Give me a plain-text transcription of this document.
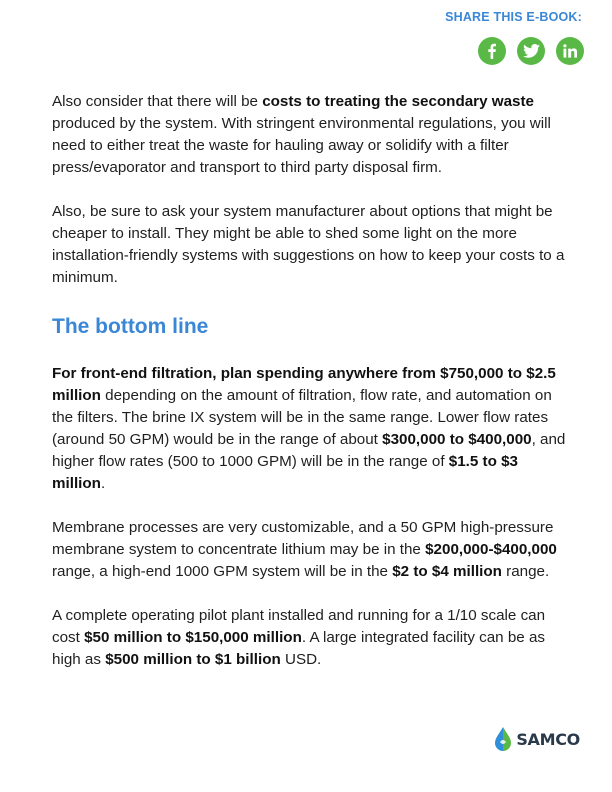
SHARE THIS E-BOOK:

Also consider that there will be costs to treating the secondary waste produced by the system. With stringent environmental regulations, you will need to either treat the waste for hauling away or solidify with a filter press/evaporator and transport to third party disposal firm.

Also, be sure to ask your system manufacturer about options that might be cheaper to install. They might be able to shed some light on the more installation-friendly systems with suggestions on how to keep your costs to a minimum.

The bottom line

For front-end filtration, plan spending anywhere from $750,000 to $2.5 million depending on the amount of filtration, flow rate, and automation on the filters. The brine IX system will be in the same range. Lower flow rates (around 50 GPM) would be in the range of about $300,000 to $400,000, and higher flow rates (500 to 1000 GPM) will be in the range of $1.5 to $3 million.

Membrane processes are very customizable, and a 50 GPM high-pressure membrane system to concentrate lithium may be in the $200,000-$400,000 range, a high-end 1000 GPM system will be in the $2 to $4 million range.

A complete operating pilot plant installed and running for a 1/10 scale can cost $50 million to $150,000 million. A large integrated facility can be as high as $500 million to $1 billion USD.

SAMCO
